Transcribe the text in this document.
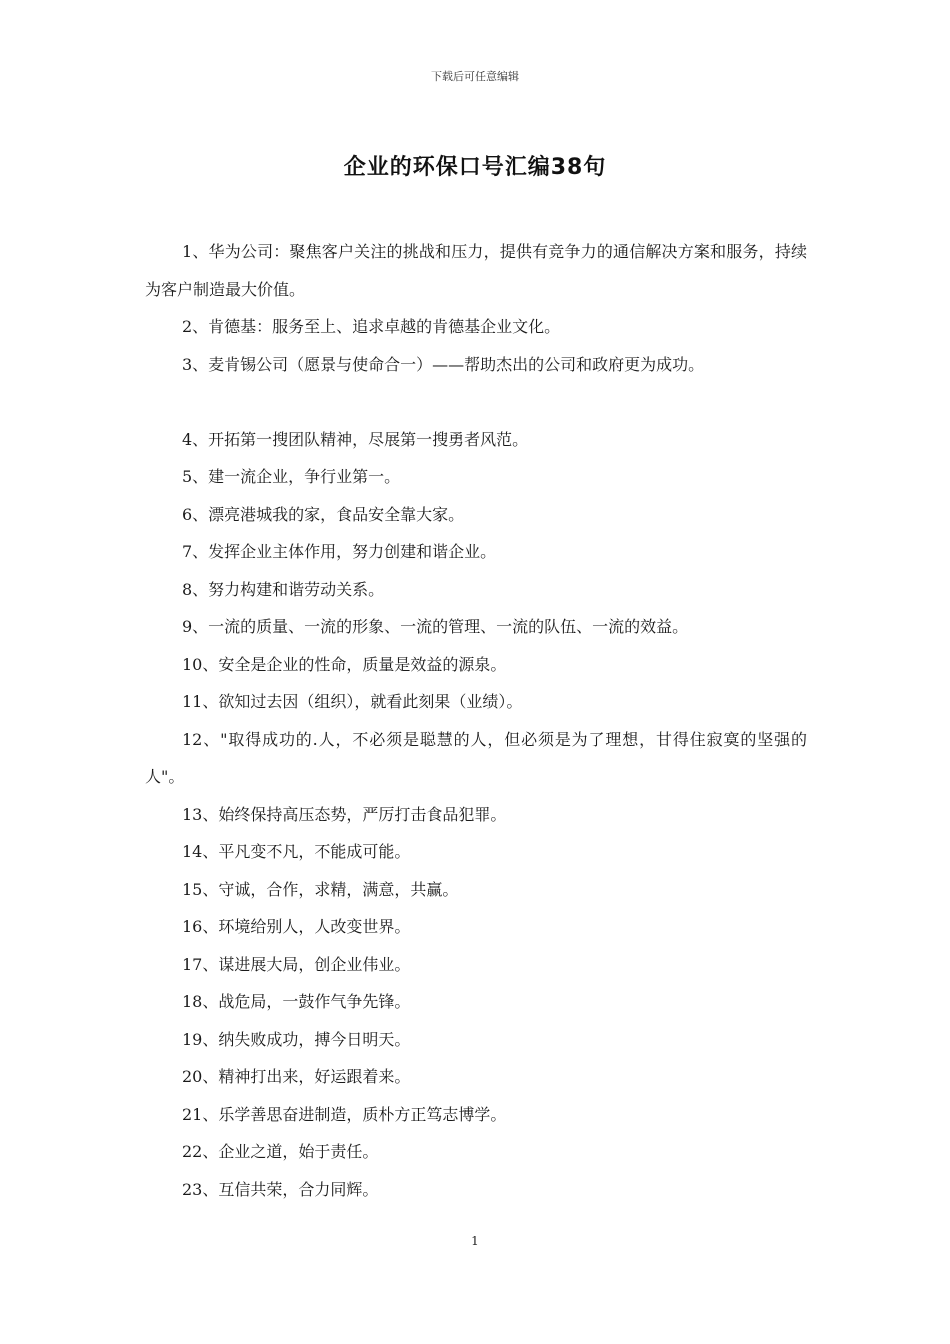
下载后可任意编辑
企业的环保口号汇编38句

1、华为公司：聚焦客户关注的挑战和压力，提供有竞争力的通信解决方案和服务，持续为客户制造最大价值。

2、肯德基：服务至上、追求卓越的肯德基企业文化。

3、麦肯锡公司（愿景与使命合一）——帮助杰出的公司和政府更为成功。

4、开拓第一搜团队精神，尽展第一搜勇者风范。

5、建一流企业，争行业第一。

6、漂亮港城我的家，食品安全靠大家。

7、发挥企业主体作用，努力创建和谐企业。

8、努力构建和谐劳动关系。

9、一流的质量、一流的形象、一流的管理、一流的队伍、一流的效益。

10、安全是企业的性命，质量是效益的源泉。

11、欲知过去因（组织），就看此刻果（业绩）。

12、"取得成功的.人，不必须是聪慧的人，但必须是为了理想，甘得住寂寞的坚强的人"。

13、始终保持高压态势，严厉打击食品犯罪。

14、平凡变不凡，不能成可能。

15、守诚，合作，求精，满意，共赢。

16、环境给别人，人改变世界。

17、谋进展大局，创企业伟业。

18、战危局，一鼓作气争先锋。

19、纳失败成功，搏今日明天。

20、精神打出来，好运跟着来。

21、乐学善思奋进制造，质朴方正笃志博学。

22、企业之道，始于责任。

23、互信共荣，合力同辉。

1
